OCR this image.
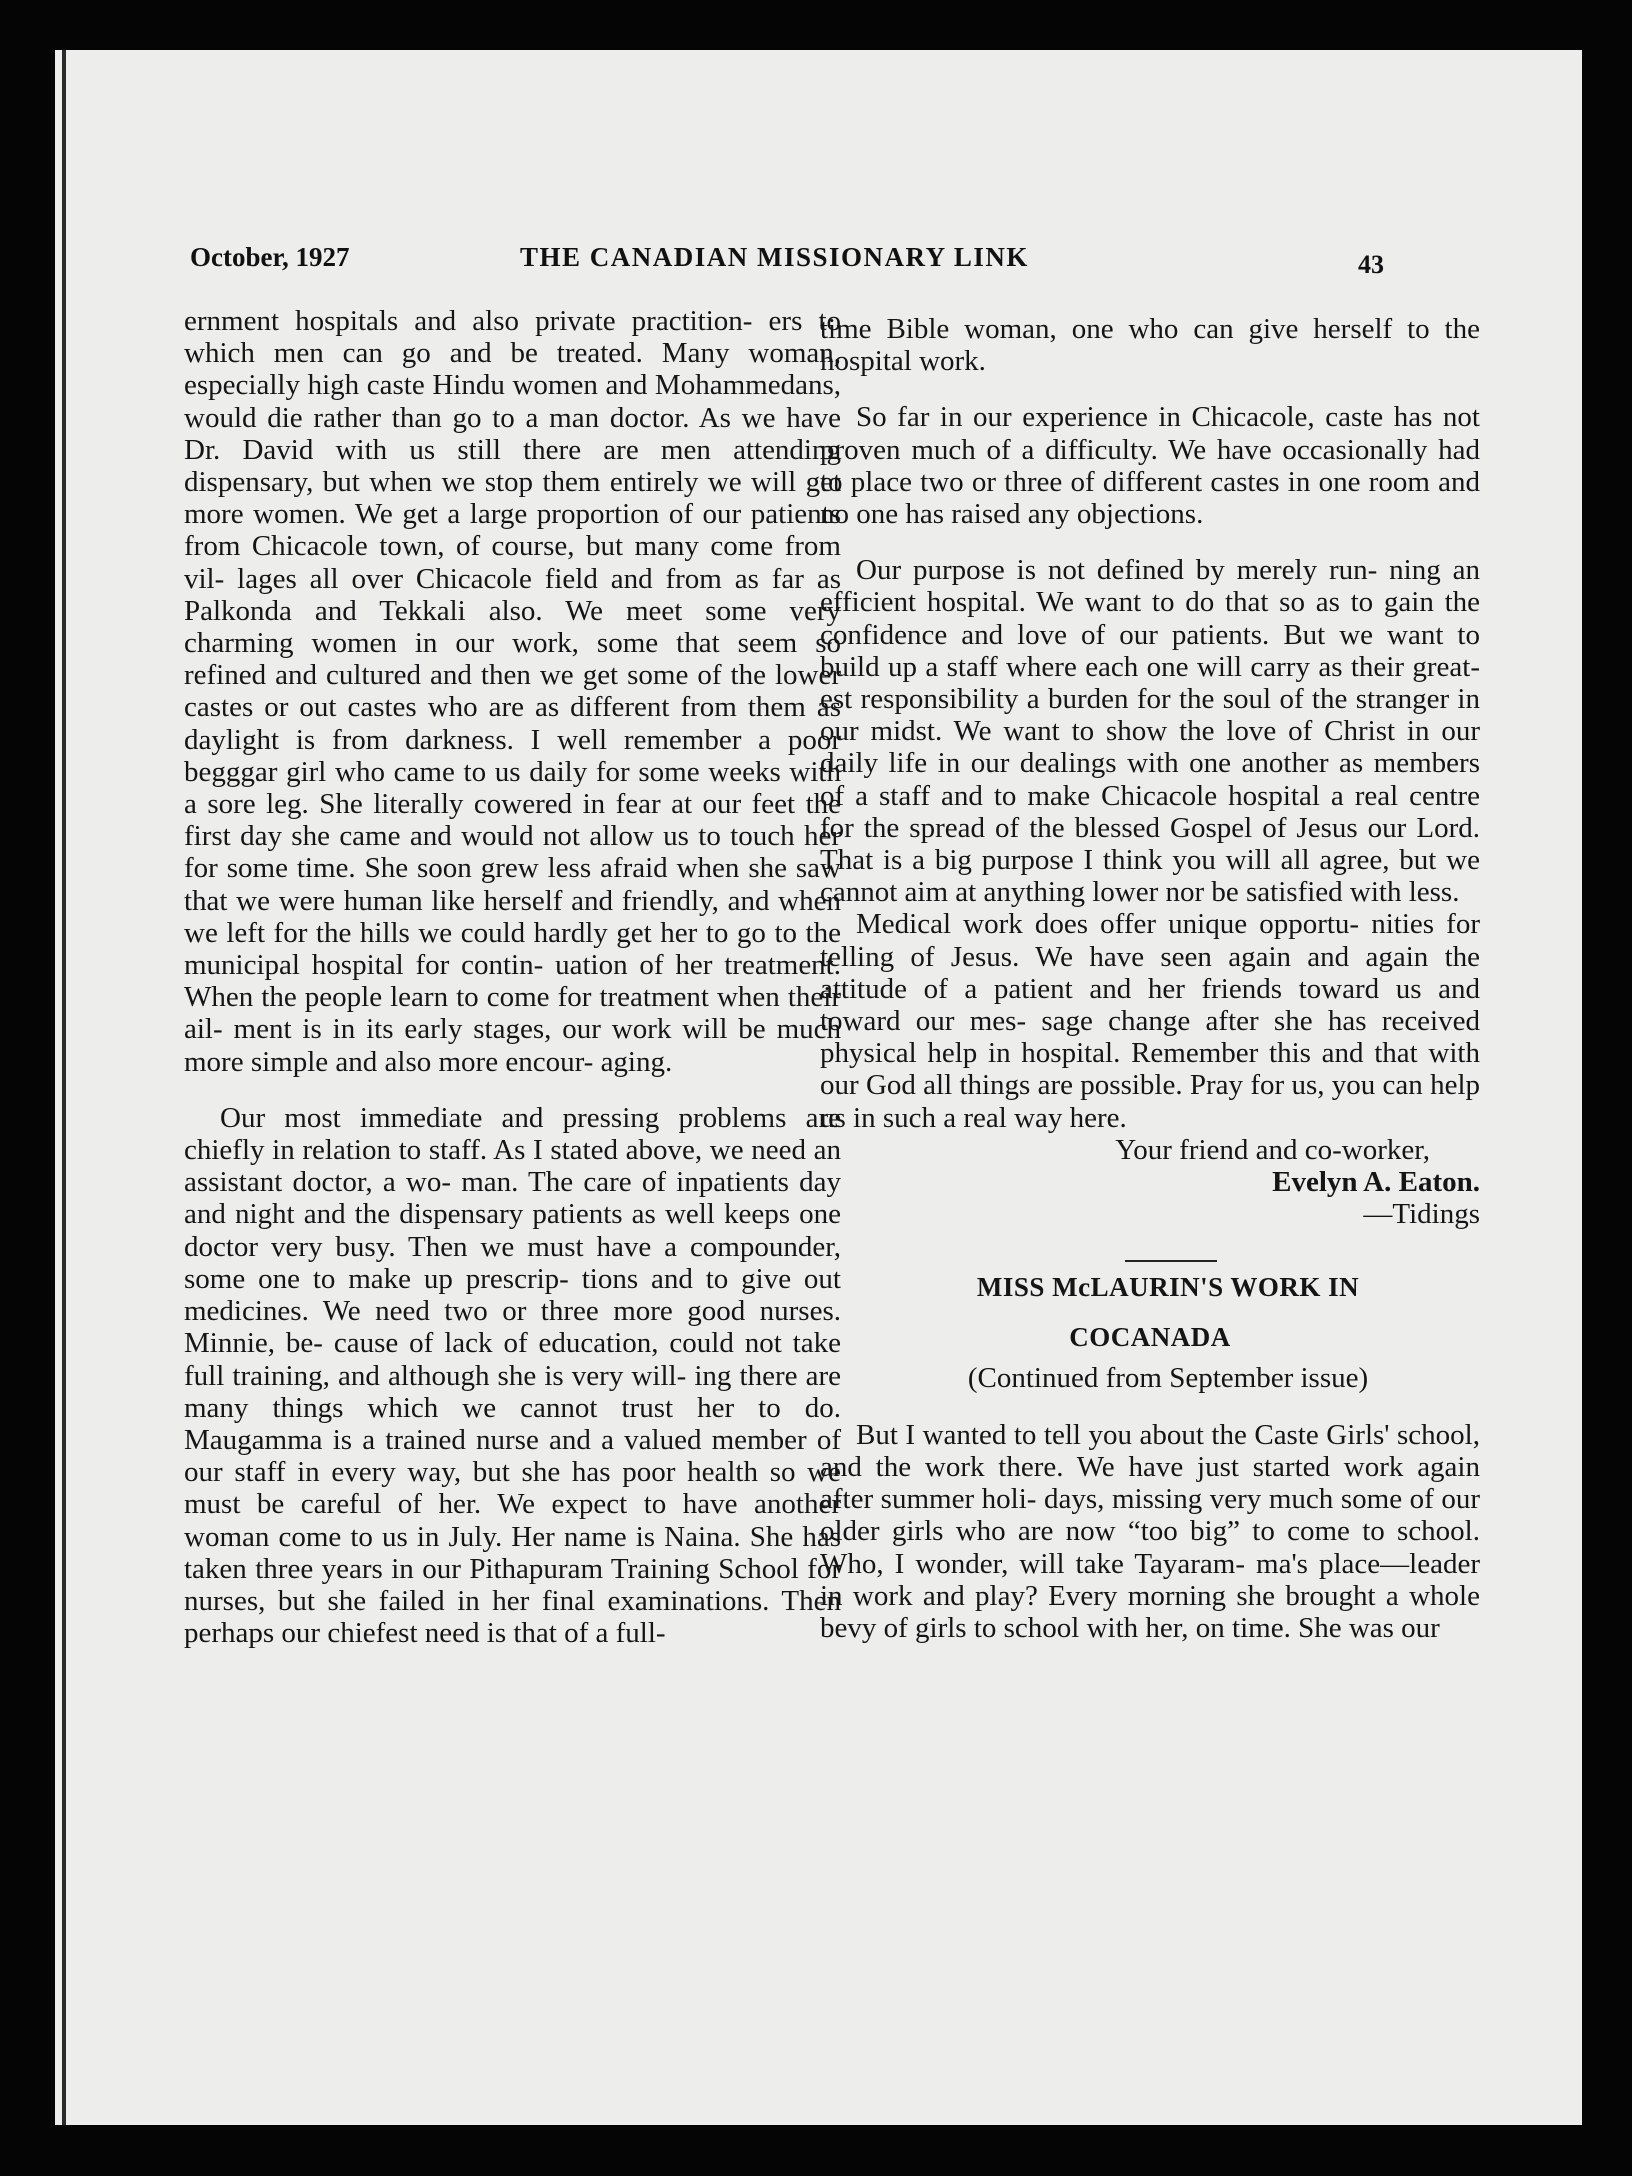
October, 1927	THE CANADIAN MISSIONARY LINK	43

ernment hospitals and also private practition- ers to which men can go and be treated. Many woman, especially high caste Hindu women and Mohammedans, would die rather than go to a man doctor. As we have Dr. David with us still there are men attending dispensary, but when we stop them entirely we will get more women. We get a large proportion of our patients from Chicacole town, of course, but many come from vil- lages all over Chicacole field and from as far as Palkonda and Tekkali also. We meet some very charming women in our work, some that seem so refined and cultured and then we get some of the lower castes or out castes who are as different from them as daylight is from darkness. I well remember a poor begggar girl who came to us daily for some weeks with a sore leg. She literally cowered in fear at our feet the first day she came and would not allow us to touch her for some time. She soon grew less afraid when she saw that we were human like herself and friendly, and when we left for the hills we could hardly get her to go to the municipal hospital for contin- uation of her treatment. When the people learn to come for treatment when their ail- ment is in its early stages, our work will be much more simple and also more encour- aging.

Our most immediate and pressing problems are chiefly in relation to staff. As I stated above, we need an assistant doctor, a wo- man. The care of inpatients day and night and the dispensary patients as well keeps one doctor very busy. Then we must have a compounder, some one to make up prescrip- tions and to give out medicines. We need two or three more good nurses. Minnie, be- cause of lack of education, could not take full training, and although she is very will- ing there are many things which we cannot trust her to do. Maugamma is a trained nurse and a valued member of our staff in every way, but she has poor health so we must be careful of her. We expect to have another woman come to us in July. Her name is Naina. She has taken three years in our Pithapuram Training School for nurses, but she failed in her final examinations. Then perhaps our chiefest need is that of a full-

time Bible woman, one who can give herself to the hospital work.

So far in our experience in Chicacole, caste has not proven much of a difficulty. We have occasionally had to place two or three of different castes in one room and no one has raised any objections.

Our purpose is not defined by merely run- ning an efficient hospital. We want to do that so as to gain the confidence and love of our patients. But we want to build up a staff where each one will carry as their great- est responsibility a burden for the soul of the stranger in our midst. We want to show the love of Christ in our daily life in our dealings with one another as members of a staff and to make Chicacole hospital a real centre for the spread of the blessed Gospel of Jesus our Lord. That is a big purpose I think you will all agree, but we cannot aim at anything lower nor be satisfied with less.

Medical work does offer unique opportu- nities for telling of Jesus. We have seen again and again the attitude of a patient and her friends toward us and toward our mes- sage change after she has received physical help in hospital. Remember this and that with our God all things are possible. Pray for us, you can help us in such a real way here.

Your friend and co-worker,

Evelyn A. Eaton.

—Tidings

MISS McLAURIN'S WORK IN
COCANADA

(Continued from September issue)

But I wanted to tell you about the Caste Girls' school, and the work there. We have just started work again after summer holi- days, missing very much some of our older girls who are now “too big” to come to school. Who, I wonder, will take Tayaram- ma's place—leader in work and play? Every morning she brought a whole bevy of girls to school with her, on time. She was our
